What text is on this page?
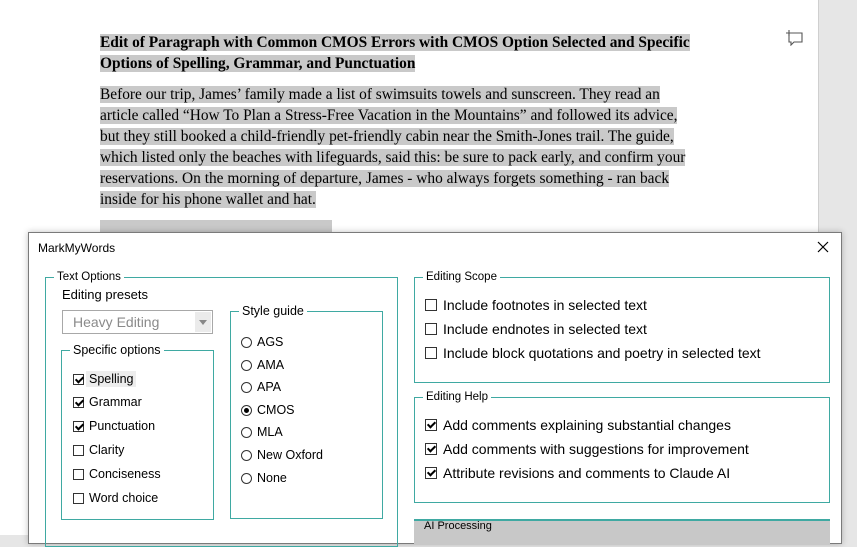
Edit of Paragraph with Common CMOS Errors with CMOS Option Selected and Specific
Options of Spelling, Grammar, and Punctuation
Before our trip, James’ family made a list of swimsuits towels and sunscreen. They read an
article called “How To Plan a Stress-Free Vacation in the Mountains” and followed its advice,
but they still booked a child-friendly pet-friendly cabin near the Smith-Jones trail. The guide,
which listed only the beaches with lifeguards, said this: be sure to pack early, and confirm your
reservations. On the morning of departure, James - who always forgets something - ran back
inside for his phone wallet and hat.
MarkMyWords
Text Options
Editing presets
Heavy Editing
Specific options
Spelling
Grammar
Punctuation
Clarity
Conciseness
Word choice
Style guide
AGS
AMA
APA
CMOS
MLA
New Oxford
None
Editing Scope
Include footnotes in selected text
Include endnotes in selected text
Include block quotations and poetry in selected text
Editing Help
Add comments explaining substantial changes
Add comments with suggestions for improvement
Attribute revisions and comments to Claude AI
AI Processing
